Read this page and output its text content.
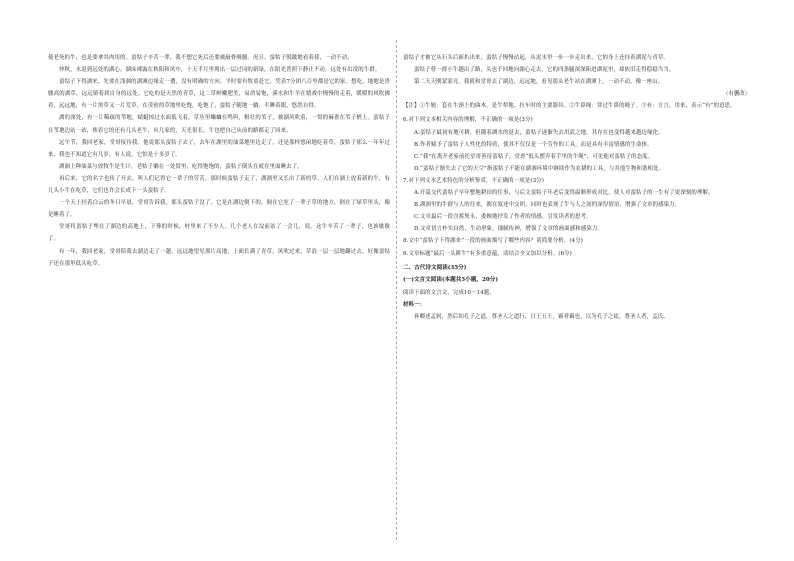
使老死的牛，也是要拿其肉用的。蛮牯子辛苦一辈，我不想它死后还要被敲骨吸髓。况且，蛮牯子脱跛地看着我，一动不动。

仲秋，水退到远处的湖心。湖床裸露在秋阳和风中，十天半月里现出一层过冈的新绿，在阳光普照下静止不动，远处有出没的牛群。

蛮牯子下得湖来，先要在浅涸的湖滩边缘走一遭，没有明确的方向。平时要有牧童赶它，凭着7分团八百里都是它的家。想吃，地地是贵腰高的湖草，远远镇着到自身的远处。它吃的是天然的青草，这二草鲜嫩肥美，易消易饱，溪水和牛羊在嬉戏中慢慢的走着，暖暖的风吹拂着，远远地，有一片黑草又一片荒草，在茂密的草地里吃饱，吃饱了，蛮牯子随地一躺，半睡着眼，悠然自得。

湖的深处，有一片稀疏的苇地，蜻蜓掠过水面低飞着，草丛里蛐蛐在鸣叫，粗壮的苇子，被湖风吹着，一窝的麻雀在苇子梢上。蛮牯子在苇地边站一站，挨着它的还有几头老牛，有几家的，天光很长，牛也把自己从前的路都走了回来。

远午节，我回老家，堂哥接待我。他说那头蛮牯子去了，去年在湖里的油菜地里边走了，还是那样悠闲地吃着草，蛮牯子那么一年年过来，我也不知道它有几岁，有人说，它怕是十多岁了。

湖涸上种油菜与放牧牛是生计，老牯子躺在一处窝里，吃得饱饱的，蛮牯子倒头在就在里面睡去了。

再后来，它的名字也传了开去，叫人们记得它一辈子的劳苦。那时候蛮牯子走了，湖涸里又长出了新的草，人们在湖上放着新的牛，有几头小牛在吃草，它们也许会长成下一头蛮牯子。

一个天上挂着白云的冬日早晨，堂哥告诉我，那头蛮牯子没了。它是在湖边倒下的，倒在它吃了一辈子草的地方，倒在了绿草里头，像是睡着了。

堂哥将蛮牯子埋在了湖边的高地上，下葬的时候，村里来了不少人。几个老人在坟前站了一会儿，说，这牛辛苦了一辈子，也该歇歇了。

有一年，我回老家，堂哥陪我去湖边走了一趟。远远地望见那片高地，上面长满了青草，风吹过来，草浪一层一层地翻过去，好像蛮牯子还在那里低头吃草。

蛮牯子才被它从石头后面扒出来，蛮牯子慢慢站起，从泥水里一步一步走出来，它的身上还挂着湖泥与青草。

蛮牯子替一群小牛趟出了路，头也不回地向湖心走去。它的四条腿深深陷进湖泥里，却依旧走得稳稳当当。

第二天天刚蒙蒙亮，我就和堂哥去了湖边，远远地，看见那头老牛站在湖滩上，一动不动，像一座山。

（有删改）

【注】①牛轭：套在牛颈上的曲木，是牛犁地、拉车时的主要器具。②牛鼻绳：穿过牛鼻的绳子。③有：方言，用来，表示“有”的意思。

6.对下列文本相关内容的理解，不正确的一项是(3分)

A.蛮牯子最初有地可耕，但随着湖水的退去，蛮牯子逐渐失去用武之地，其存在也变得越来越边缘化。

B.作者赋予了蛮牯子人性化的特质，使其不仅仅是一个劳作的工具，而是具有丰富情感的生命体。

C.“我”在离开老家前托堂哥善待蛮牯子，堂哥“低头摆弄着手里的牛绳”，可见他对蛮牯子的态度。

D.“蛮牯子渐失去了它的天空”指蛮牯子不能在湖涸环境中继续作为农耕的工具，与其他生物和谐相处。

7.对下列文本艺术特色的分析鉴赏，不正确的一项是(3分)

A.开篇交代蛮牯子早年整地耕田的往事，与后文蛮牯子年老后变得温顺形成对比，使人对蛮牯子的一生有了更深刻的理解。

B.湖涸里的牛群与人的往来，都在叙述中交织，同时也表现了牛与人之间的深厚情谊，增强了文章的感染力。

C.文章最后一段含蓄隽永，委婉地抒发了作者的情感，引发读者的思考。

D.文章语言朴实自然，生动形象，细腻传神，增强了文章的画面感和感染力。

8.文中“蛮牯子下得湖来”一段的画面描写了哪些内容？请简要分析。(4分)

9.文章标题“最后一头耕牛”有多重意蕴，请结合全文加以分析。(6分)

二、古代诗文阅读(35分)

(一)文言文阅读(本题共5小题，20分)

阅读下面的文言文，完成10～14题。

材料一：

孙卿述孟轲，然后知孔子之道，尊圣人之道行，日王五王，霸者霸也，以为孔子之徒，尊圣人者，孟氏。
